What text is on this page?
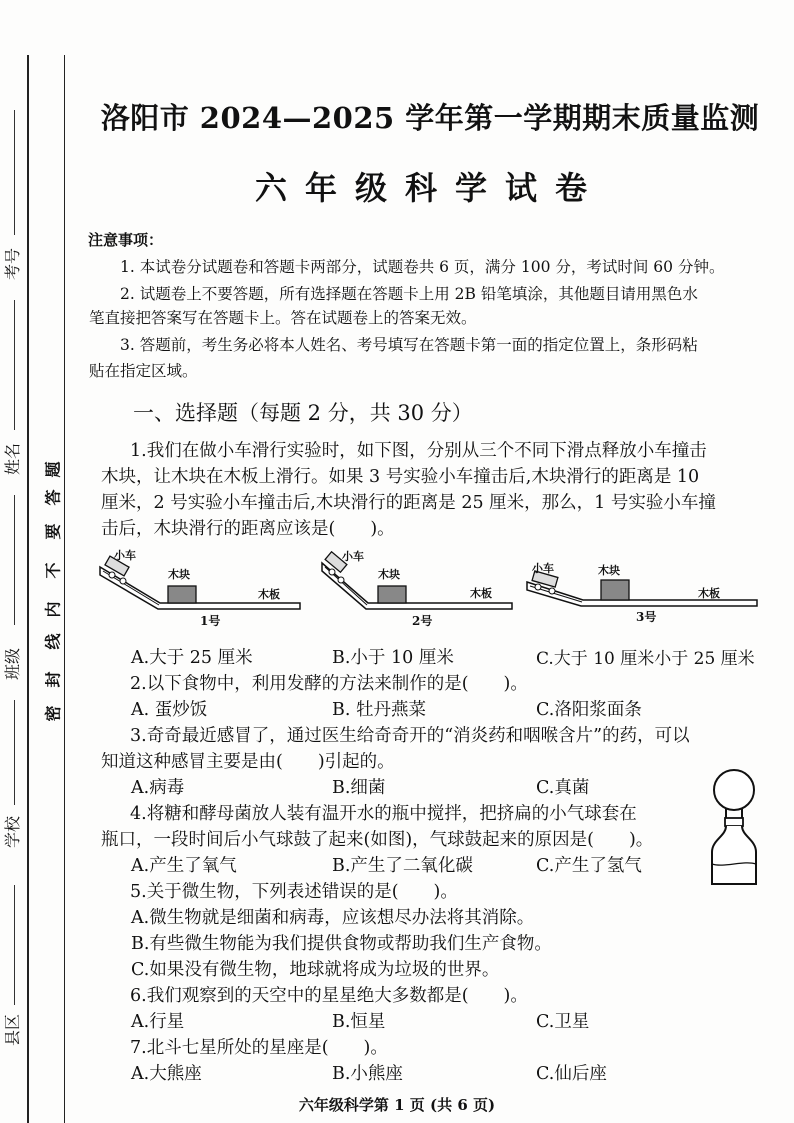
题
答
要
不
内
线
封
密
县区
学校
班级
姓名
考号
洛阳市 2024—2025 学年第一学期期末质量监测
六年级科学试卷
注意事项：
1. 本试卷分试题卷和答题卡两部分，试题卷共 6 页，满分 100 分，考试时间 60 分钟。
2. 试题卷上不要答题，所有选择题在答题卡上用 2B 铅笔填涂，其他题目请用黑色水
笔直接把答案写在答题卡上。答在试题卷上的答案无效。
3. 答题前，考生务必将本人姓名、考号填写在答题卡第一面的指定位置上，条形码粘
贴在指定区域。
一、选择题（每题 2 分，共 30 分）
1.我们在做小车滑行实验时，如下图，分别从三个不同下滑点释放小车撞击
木块，让木块在木板上滑行。如果 3 号实验小车撞击后,木块滑行的距离是 10
厘米，2 号实验小车撞击后,木块滑行的距离是 25 厘米，那么，1 号实验小车撞
击后，木块滑行的距离应该是(　　)。
小车
木块
木板
1号
小车
木块
木板
2号
小车	木块
木板
3号
A.大于 25 厘米	B.小于 10 厘米	C.大于 10 厘米小于 25 厘米
2.以下食物中，利用发酵的方法来制作的是(　　)。
A. 蛋炒饭	B. 牡丹燕菜	C.洛阳浆面条
3.奇奇最近感冒了，通过医生给奇奇开的“消炎药和咽喉含片”的药，可以
知道这种感冒主要是由(　　)引起的。
A.病毒	B.细菌	C.真菌
4.将糖和酵母菌放人装有温开水的瓶中搅拌，把挤扁的小气球套在
瓶口，一段时间后小气球鼓了起来(如图)，气球鼓起来的原因是(　　)。
A.产生了氧气	B.产生了二氧化碳	C.产生了氢气
5.关于微生物，下列表述错误的是(　　)。
A.微生物就是细菌和病毒，应该想尽办法将其消除。
B.有些微生物能为我们提供食物或帮助我们生产食物。
C.如果没有微生物，地球就将成为垃圾的世界。
6.我们观察到的天空中的星星绝大多数都是(　　)。
A.行星	B.恒星	C.卫星
7.北斗七星所处的星座是(　　)。
A.大熊座	B.小熊座	C.仙后座
六年级科学第 1 页 (共 6 页)
